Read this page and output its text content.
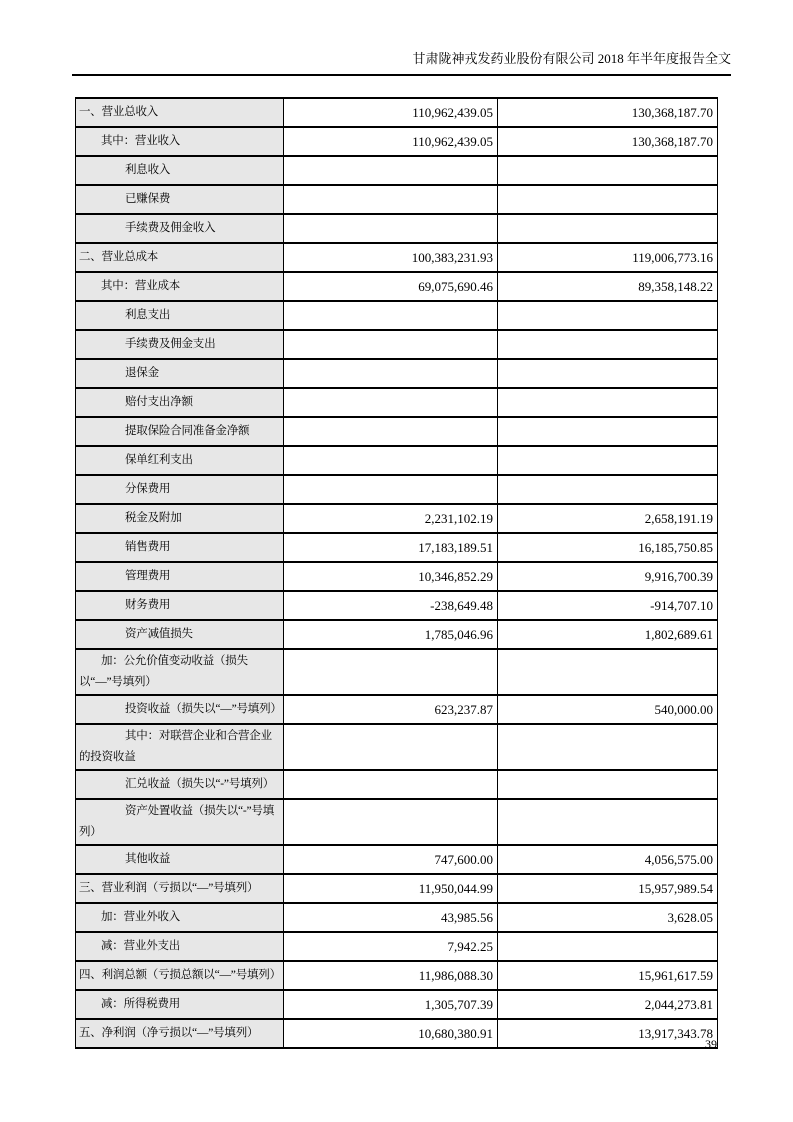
甘肃陇神戎发药业股份有限公司 2018 年半年度报告全文
一、营业总收入	110,962,439.05	130,368,187.70
其中：营业收入	110,962,439.05	130,368,187.70
利息收入		
已赚保费		
手续费及佣金收入		
二、营业总成本	100,383,231.93	119,006,773.16
其中：营业成本	69,075,690.46	89,358,148.22
利息支出		
手续费及佣金支出		
退保金		
赔付支出净额		
提取保险合同准备金净额		
保单红利支出		
分保费用		
税金及附加	2,231,102.19	2,658,191.19
销售费用	17,183,189.51	16,185,750.85
管理费用	10,346,852.29	9,916,700.39
财务费用	-238,649.48	-914,707.10
资产减值损失	1,785,046.96	1,802,689.61
加：公允价值变动收益（损失以“—”号填列）		
投资收益（损失以“—”号填列）	623,237.87	540,000.00
其中：对联营企业和合营企业的投资收益		
汇兑收益（损失以“-”号填列）		
资产处置收益（损失以“-”号填列）		
其他收益	747,600.00	4,056,575.00
三、营业利润（亏损以“—”号填列）	11,950,044.99	15,957,989.54
加：营业外收入	43,985.56	3,628.05
减：营业外支出	7,942.25	
四、利润总额（亏损总额以“—”号填列）	11,986,088.30	15,961,617.59
减：所得税费用	1,305,707.39	2,044,273.81
五、净利润（净亏损以“—”号填列）	10,680,380.91	13,917,343.78
39
